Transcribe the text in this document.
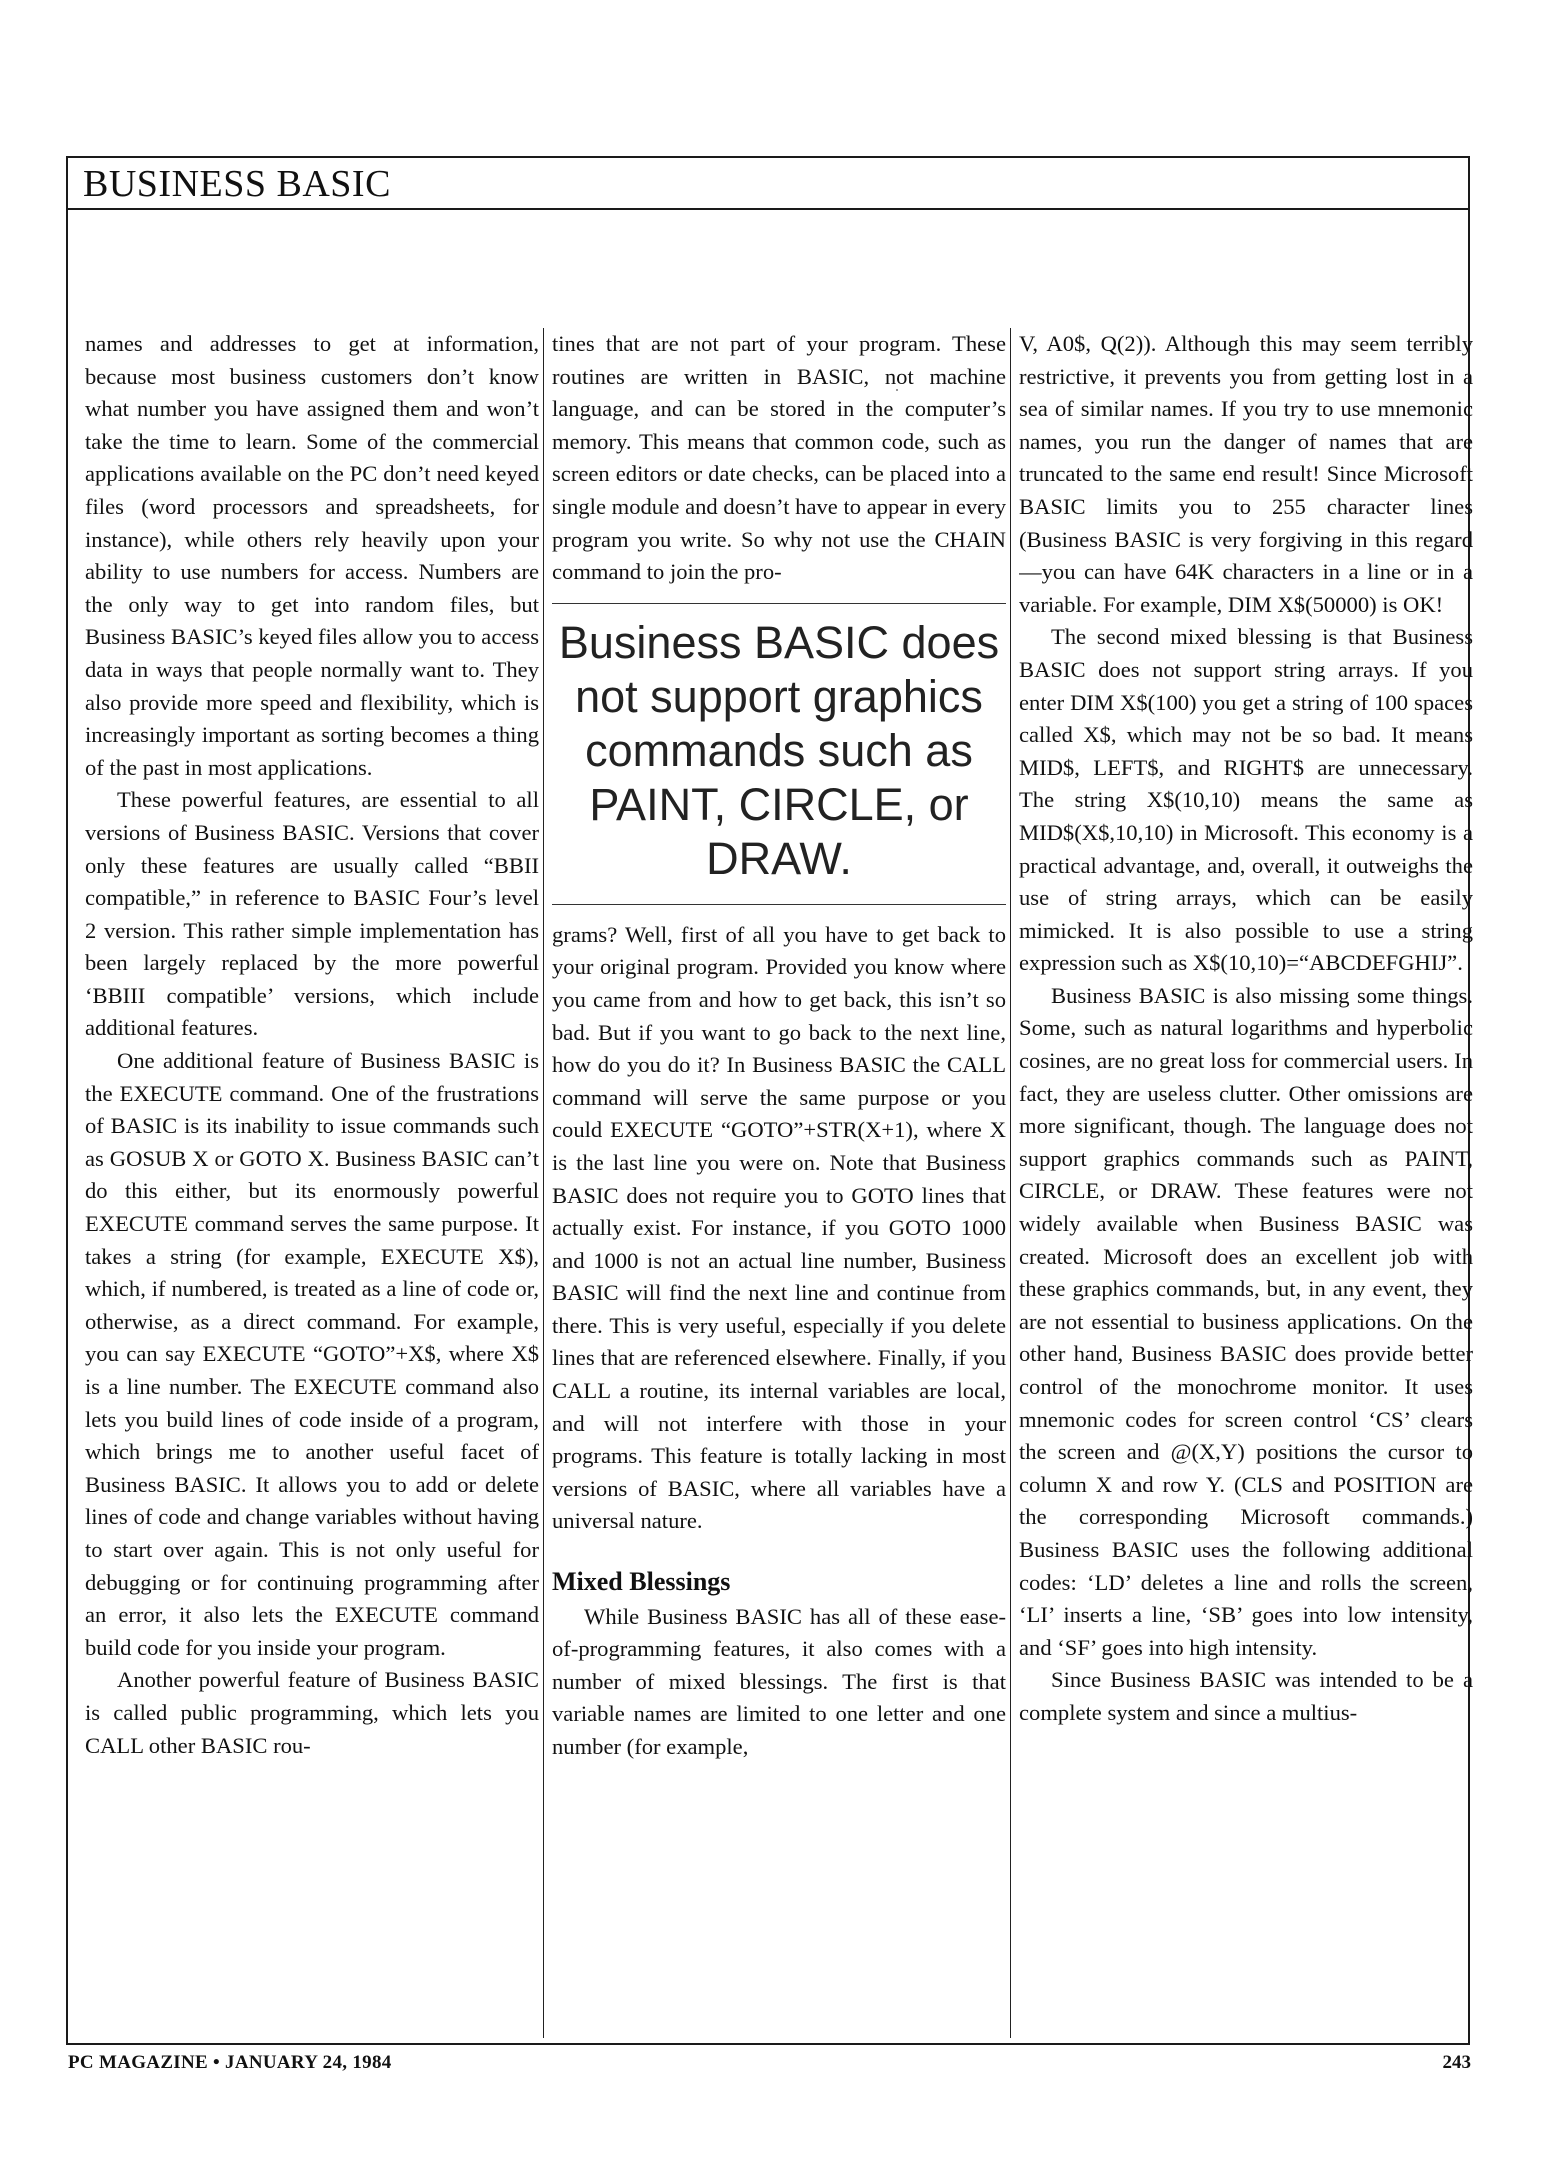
BUSINESS BASIC

names and addresses to get at information, because most business customers don’t know what number you have assigned them and won’t take the time to learn. Some of the commercial applications available on the PC don’t need keyed files (word processors and spreadsheets, for instance), while others rely heavily upon your ability to use numbers for access. Numbers are the only way to get into random files, but Business BASIC’s keyed files allow you to access data in ways that people normally want to. They also provide more speed and flexibility, which is increasingly important as sorting becomes a thing of the past in most applications.

These powerful features, are essential to all versions of Business BASIC. Versions that cover only these features are usually called “BBII compatible,” in reference to BASIC Four’s level 2 version. This rather simple implementation has been largely replaced by the more powerful ‘BBIII compatible’ versions, which include additional features.

One additional feature of Business BASIC is the EXECUTE command. One of the frustrations of BASIC is its inability to issue commands such as GOSUB X or GOTO X. Business BASIC can’t do this either, but its enormously powerful EXECUTE command serves the same purpose. It takes a string (for example, EXECUTE X$), which, if numbered, is treated as a line of code or, otherwise, as a direct command. For example, you can say EXECUTE “GOTO”+X$, where X$ is a line number. The EXECUTE command also lets you build lines of code inside of a program, which brings me to another useful facet of Business BASIC. It allows you to add or delete lines of code and change variables without having to start over again. This is not only useful for debugging or for continuing programming after an error, it also lets the EXECUTE command build code for you inside your program.

Another powerful feature of Business BASIC is called public programming, which lets you CALL other BASIC rou-

tines that are not part of your program. These routines are written in BASIC, not machine language, and can be stored in the computer’s memory. This means that common code, such as screen editors or date checks, can be placed into a single module and doesn’t have to appear in every program you write. So why not use the CHAIN command to join the pro-

Business BASIC does not support graphics commands such as PAINT, CIRCLE, or DRAW.

grams? Well, first of all you have to get back to your original program. Provided you know where you came from and how to get back, this isn’t so bad. But if you want to go back to the next line, how do you do it? In Business BASIC the CALL command will serve the same purpose or you could EXECUTE “GOTO”+STR(X+1), where X is the last line you were on. Note that Business BASIC does not require you to GOTO lines that actually exist. For instance, if you GOTO 1000 and 1000 is not an actual line number, Business BASIC will find the next line and continue from there. This is very useful, especially if you delete lines that are referenced elsewhere. Finally, if you CALL a routine, its internal variables are local, and will not interfere with those in your programs. This feature is totally lacking in most versions of BASIC, where all variables have a universal nature.

Mixed Blessings

While Business BASIC has all of these ease-of-programming features, it also comes with a number of mixed blessings. The first is that variable names are limited to one letter and one number (for example,

V, A0$, Q(2)). Although this may seem terribly restrictive, it prevents you from getting lost in a sea of similar names. If you try to use mnemonic names, you run the danger of names that are truncated to the same end result! Since Microsoft BASIC limits you to 255 character lines (Business BASIC is very forgiving in this regard—you can have 64K characters in a line or in a variable. For example, DIM X$(50000) is OK!

The second mixed blessing is that Business BASIC does not support string arrays. If you enter DIM X$(100) you get a string of 100 spaces called X$, which may not be so bad. It means MID$, LEFT$, and RIGHT$ are unnecessary. The string X$(10,10) means the same as MID$(X$,10,10) in Microsoft. This economy is a practical advantage, and, overall, it outweighs the use of string arrays, which can be easily mimicked. It is also possible to use a string expression such as X$(10,10)=“ABCDEFGHIJ”.

Business BASIC is also missing some things. Some, such as natural logarithms and hyperbolic cosines, are no great loss for commercial users. In fact, they are useless clutter. Other omissions are more significant, though. The language does not support graphics commands such as PAINT, CIRCLE, or DRAW. These features were not widely available when Business BASIC was created. Microsoft does an excellent job with these graphics commands, but, in any event, they are not essential to business applications. On the other hand, Business BASIC does provide better control of the monochrome monitor. It uses mnemonic codes for screen control ‘CS’ clears the screen and @(X,Y) positions the cursor to column X and row Y. (CLS and POSITION are the corresponding Microsoft commands.) Business BASIC uses the following additional codes: ‘LD’ deletes a line and rolls the screen, ‘LI’ inserts a line, ‘SB’ goes into low intensity, and ‘SF’ goes into high intensity.

Since Business BASIC was intended to be a complete system and since a multius-

PC MAGAZINE • JANUARY 24, 1984	243
